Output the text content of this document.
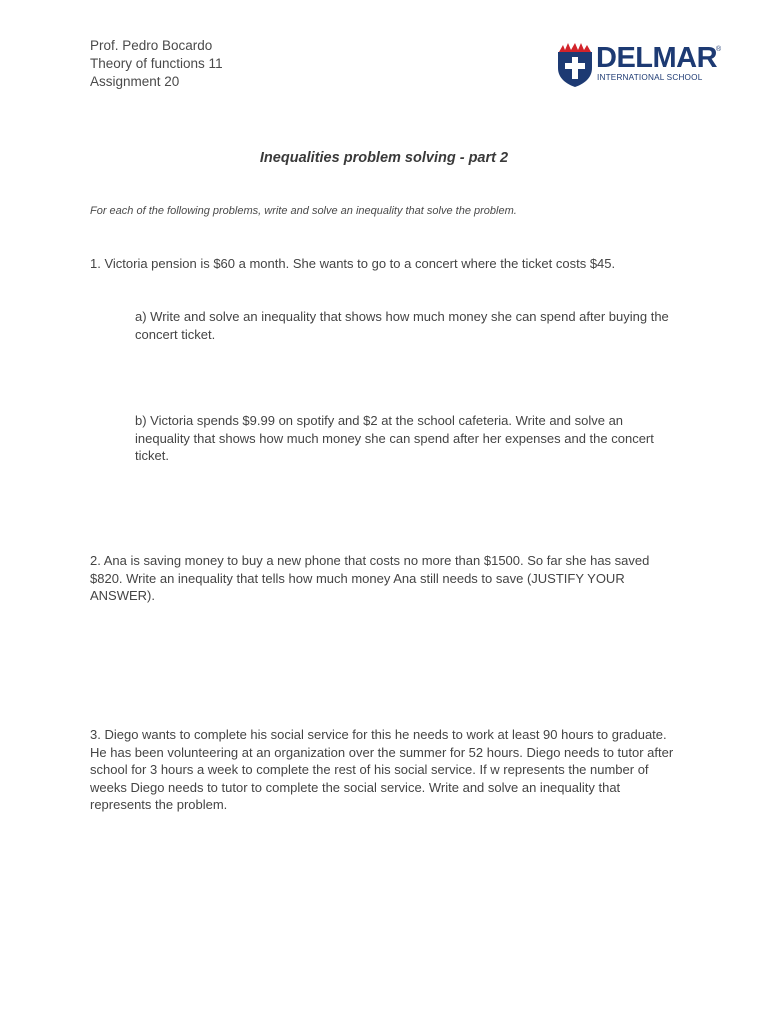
Prof. Pedro Bocardo
Theory of functions 11
Assignment 20
DELMAR
®
INTERNATIONAL SCHOOL
Inequalities problem solving - part 2
For each of the following problems, write and solve an inequality that solve the problem.
1. Victoria pension is $60 a month. She wants to go to a concert where the ticket costs $45.
a) Write and solve an inequality that shows how much money she can spend after buying the concert ticket.
b) Victoria spends $9.99 on spotify and $2 at the school cafeteria. Write and solve an inequality that shows how much money she can spend after her expenses and the concert ticket.
2. Ana is saving money to buy a new phone that costs no more than $1500. So far she has saved $820. Write an inequality that tells how much money Ana still needs to save (JUSTIFY YOUR ANSWER).
3. Diego wants to complete his social service for this he needs to work at least 90 hours to graduate. He has been volunteering at an organization over the summer for 52 hours. Diego needs to tutor after school for 3 hours a week to complete the rest of his social service. If w represents the number of weeks Diego needs to tutor to complete the social service. Write and solve an inequality that represents the problem.
